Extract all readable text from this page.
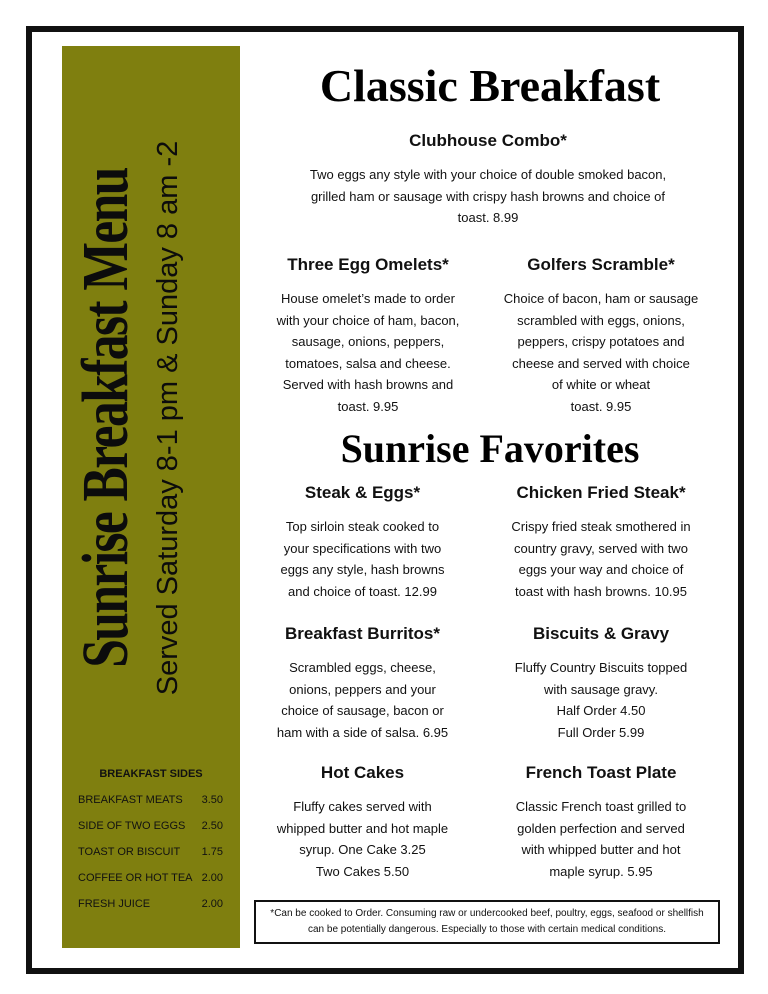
BREAKFAST SIDES
BREAKFAST MEATS 3.50
SIDE OF TWO EGGS 2.50
TOAST OR BISCUIT 1.75
COFFEE OR HOT TEA 2.00
FRESH JUICE	2.00
Sunrise Breakfast Menu Served Saturday 8-1 pm & Sunday 8 am -2
Classic Breakfast
Clubhouse Combo*
Two eggs any style with your choice of double smoked bacon,
grilled ham or sausage with crispy hash browns and choice of
toast. 8.99
Three Egg Omelets*
House omelet’s made to order
with your choice of ham, bacon,
sausage, onions, peppers,
tomatoes, salsa and cheese.
Served with hash browns and
toast. 9.95
Golfers Scramble*
Choice of bacon, ham or sausage
scrambled with eggs, onions,
peppers, crispy potatoes and
cheese and served with choice
of white or wheat
toast. 9.95
Sunrise Favorites
Steak & Eggs*
Top sirloin steak cooked to
your specifications with two
eggs any style, hash browns
and choice of toast. 12.99
Chicken Fried Steak*
Crispy fried steak smothered in
country gravy, served with two
eggs your way and choice of
toast with hash browns. 10.95
Breakfast Burritos*
Scrambled eggs, cheese,
onions, peppers and your
choice of sausage, bacon or
ham with a side of salsa. 6.95
Biscuits & Gravy
Fluffy Country Biscuits topped
with sausage gravy.
Half Order 4.50
Full Order 5.99
Hot Cakes
Fluffy cakes served with
whipped butter and hot maple
syrup. One Cake 3.25
Two Cakes 5.50
French Toast Plate
Classic French toast grilled to
golden perfection and served
with whipped butter and hot
maple syrup. 5.95
*Can be cooked to Order. Consuming raw or undercooked beef, poultry, eggs, seafood or shellfish
can be potentially dangerous. Especially to those with certain medical conditions.
